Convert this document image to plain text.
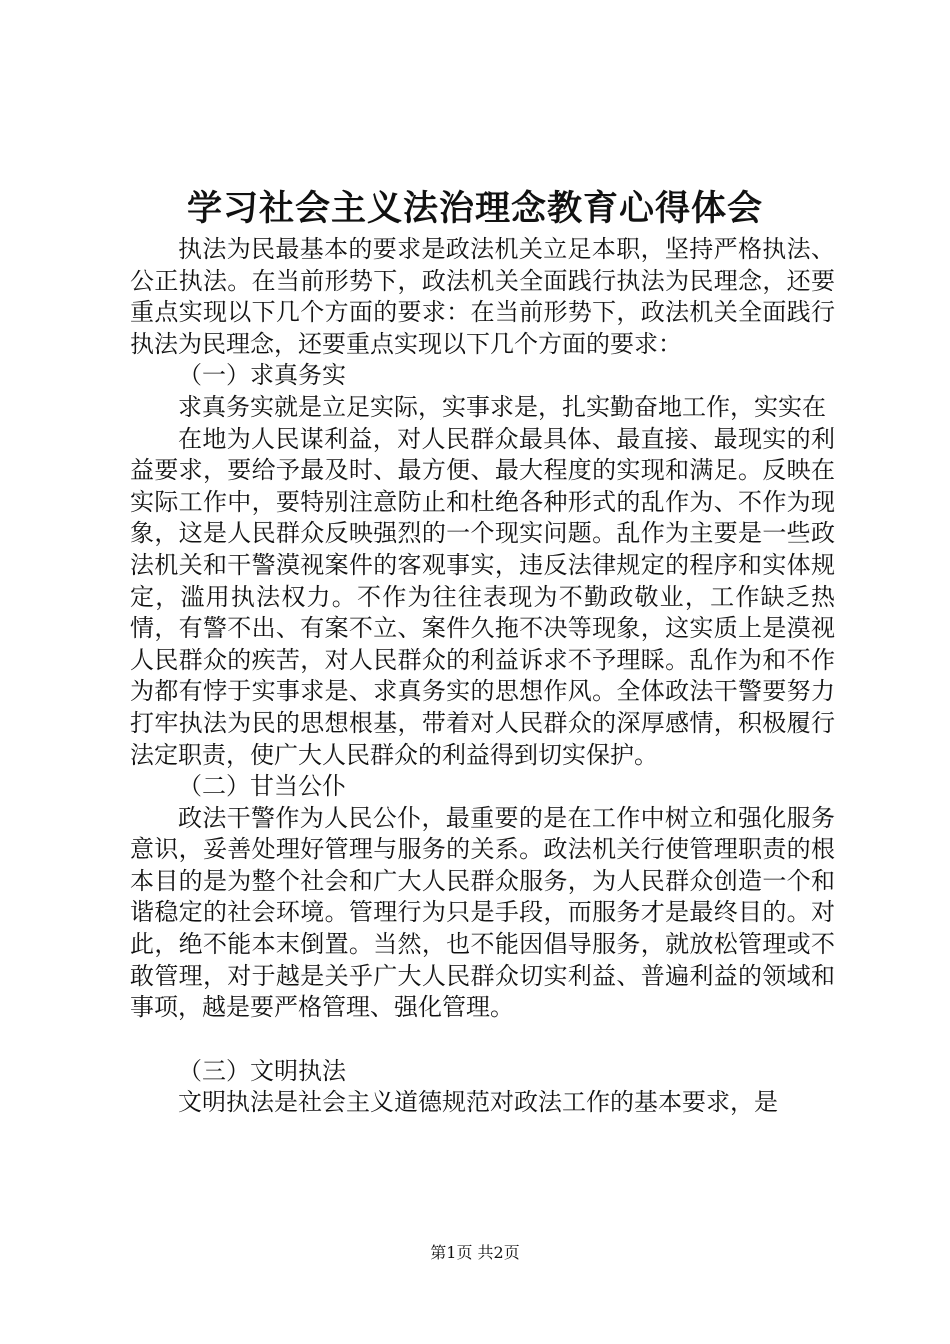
学习社会主义法治理念教育心得体会

执法为民最基本的要求是政法机关立足本职，坚持严格执法、公正执法。在当前形势下，政法机关全面践行执法为民理念，还要重点实现以下几个方面的要求：在当前形势下，政法机关全面践行执法为民理念，还要重点实现以下几个方面的要求：

（一）求真务实

求真务实就是立足实际，实事求是，扎实勤奋地工作，实实在

在地为人民谋利益，对人民群众最具体、最直接、最现实的利益要求，要给予最及时、最方便、最大程度的实现和满足。反映在实际工作中，要特别注意防止和杜绝各种形式的乱作为、不作为现象，这是人民群众反映强烈的一个现实问题。乱作为主要是一些政法机关和干警漠视案件的客观事实，违反法律规定的程序和实体规定，滥用执法权力。不作为往往表现为不勤政敬业，工作缺乏热情，有警不出、有案不立、案件久拖不决等现象，这实质上是漠视人民群众的疾苦，对人民群众的利益诉求不予理睬。乱作为和不作为都有悖于实事求是、求真务实的思想作风。全体政法干警要努力打牢执法为民的思想根基，带着对人民群众的深厚感情，积极履行法定职责，使广大人民群众的利益得到切实保护。

（二）甘当公仆

政法干警作为人民公仆，最重要的是在工作中树立和强化服务意识，妥善处理好管理与服务的关系。政法机关行使管理职责的根本目的是为整个社会和广大人民群众服务，为人民群众创造一个和谐稳定的社会环境。管理行为只是手段，而服务才是最终目的。对此，绝不能本末倒置。当然，也不能因倡导服务，就放松管理或不敢管理，对于越是关乎广大人民群众切实利益、普遍利益的领域和事项，越是要严格管理、强化管理。

（三）文明执法

文明执法是社会主义道德规范对政法工作的基本要求，是

第1页 共2页
